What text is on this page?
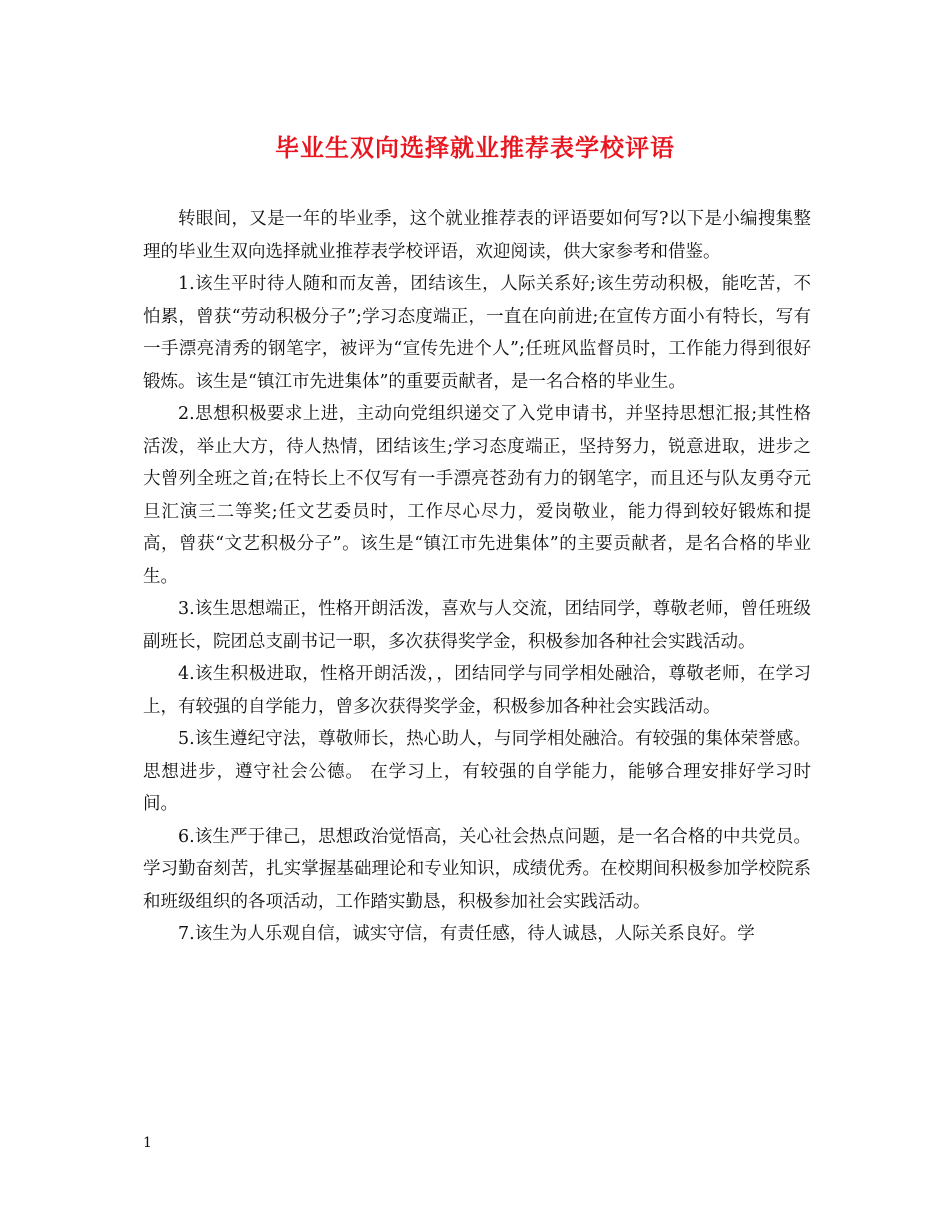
毕业生双向选择就业推荐表学校评语

转眼间，又是一年的毕业季，这个就业推荐表的评语要如何写?以下是小编搜集整理的毕业生双向选择就业推荐表学校评语，欢迎阅读，供大家参考和借鉴。

1.该生平时待人随和而友善，团结该生，人际关系好;该生劳动积极，能吃苦，不怕累，曾获“劳动积极分子”;学习态度端正，一直在向前进;在宣传方面小有特长，写有一手漂亮清秀的钢笔字，被评为“宣传先进个人”;任班风监督员时，工作能力得到很好锻炼。该生是“镇江市先进集体”的重要贡献者，是一名合格的毕业生。

2.思想积极要求上进，主动向党组织递交了入党申请书，并坚持思想汇报;其性格活泼，举止大方，待人热情，团结该生;学习态度端正，坚持努力，锐意进取，进步之大曾列全班之首;在特长上不仅写有一手漂亮苍劲有力的钢笔字，而且还与队友勇夺元旦汇演三二等奖;任文艺委员时，工作尽心尽力，爱岗敬业，能力得到较好锻炼和提高，曾获“文艺积极分子”。该生是“镇江市先进集体”的主要贡献者，是名合格的毕业生。

3.该生思想端正，性格开朗活泼，喜欢与人交流，团结同学，尊敬老师，曾任班级副班长，院团总支副书记一职，多次获得奖学金，积极参加各种社会实践活动。

4.该生积极进取，性格开朗活泼，，团结同学与同学相处融洽，尊敬老师，在学习上，有较强的自学能力，曾多次获得奖学金，积极参加各种社会实践活动。

5.该生遵纪守法，尊敬师长，热心助人，与同学相处融洽。有较强的集体荣誉感。思想进步，遵守社会公德。 在学习上，有较强的自学能力，能够合理安排好学习时间。

6.该生严于律己，思想政治觉悟高，关心社会热点问题，是一名合格的中共党员。学习勤奋刻苦，扎实掌握基础理论和专业知识，成绩优秀。在校期间积极参加学校院系和班级组织的各项活动，工作踏实勤恳，积极参加社会实践活动。

7.该生为人乐观自信，诚实守信，有责任感，待人诚恳，人际关系良好。学

1
